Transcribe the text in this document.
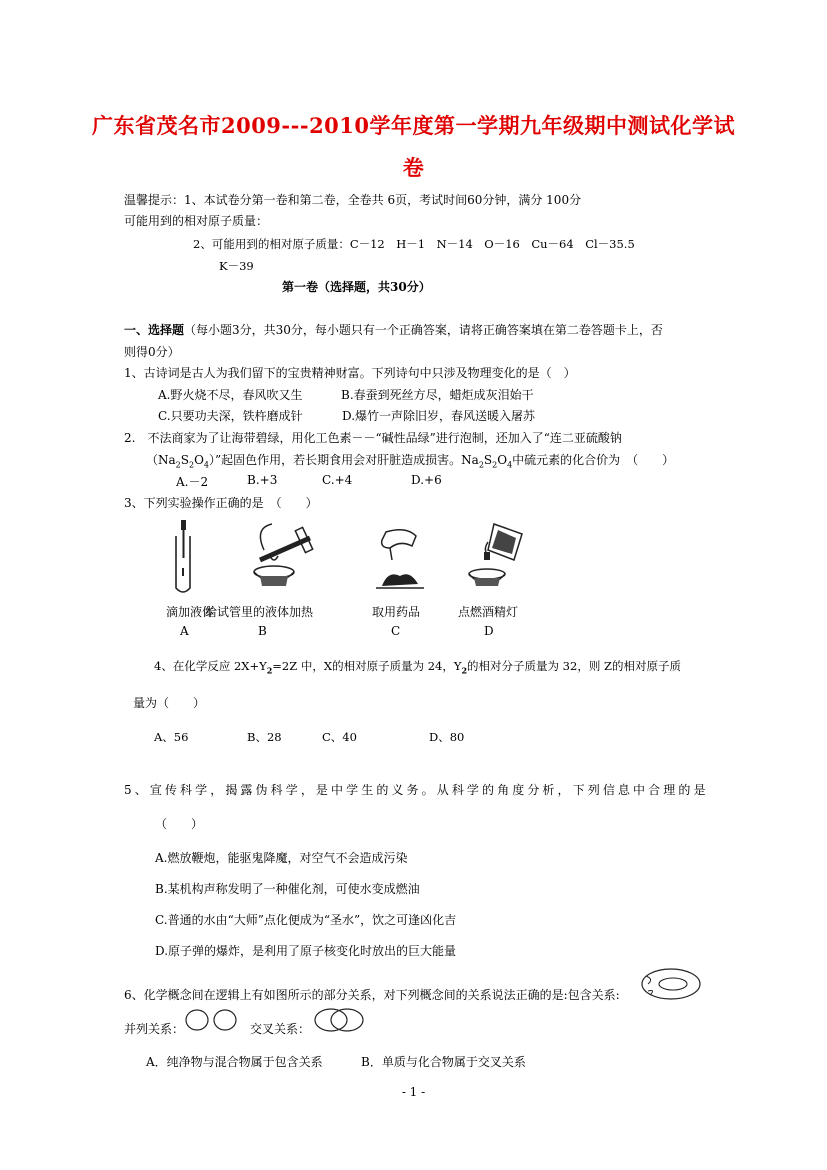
广东省茂名市2009---2010学年度第一学期九年级期中测试化学试
卷
温馨提示：1、本试卷分第一卷和第二卷，全卷共 6页，考试时间60分钟，满分 100分
可能用到的相对原子质量：
2、可能用到的相对原子质量：C－12　H－1　N－14　O－16　Cu－64　Cl－35.5
K－39
第一卷（选择题，共30分）
一、选择题（每小题3分，共30分，每小题只有一个正确答案，请将正确答案填在第二卷答题卡上，否
则得0分）
1、古诗词是古人为我们留下的宝贵精神财富。下列诗句中只涉及物理变化的是（　）
A.野火烧不尽，春风吹又生	B.春蚕到死丝方尽，蜡炬成灰泪始干
C.只要功夫深，铁杵磨成针	D.爆竹一声除旧岁，春风送暖入屠苏
2.　不法商家为了让海带碧绿，用化工色素－－“碱性品绿”进行泡制，还加入了“连二亚硫酸钠
$(Na_2S_2O_4)$”起固色作用，若长期食用会对肝脏造成损害。$Na_2S_2O_4$中硫元素的化合价为　（　　）
A.－2	B.+3	C.+4	D.+6
3、下列实验操作正确的是　（　　）
滴加液体
给试管里的液体加热	取用药品	点燃酒精灯
A	B	C	D
4、在化学反应 $2X+Y_2=2Z$ 中，X的相对原子质量为 24，$Y_2$的相对分子质量为 32，则 Z的相对原子质
量为（　　）
A、56	B、28	C、40	D、80
5、宣传科学，揭露伪科学，是中学生的义务。从科学的角度分析，下列信息中合理的是
（　　）
A.燃放鞭炮，能驱鬼降魔，对空气不会造成污染
B.某机构声称发明了一种催化剂，可使水变成燃油
C.普通的水由“大师”点化便成为“圣水”，饮之可逢凶化吉
D.原子弹的爆炸，是利用了原子核变化时放出的巨大能量
6、化学概念间在逻辑上有如图所示的部分关系，对下列概念间的关系说法正确的是:包含关系:
并列关系：	交叉关系：
A．纯净物与混合物属于包含关系	B．单质与化合物属于交叉关系
- 1 -
